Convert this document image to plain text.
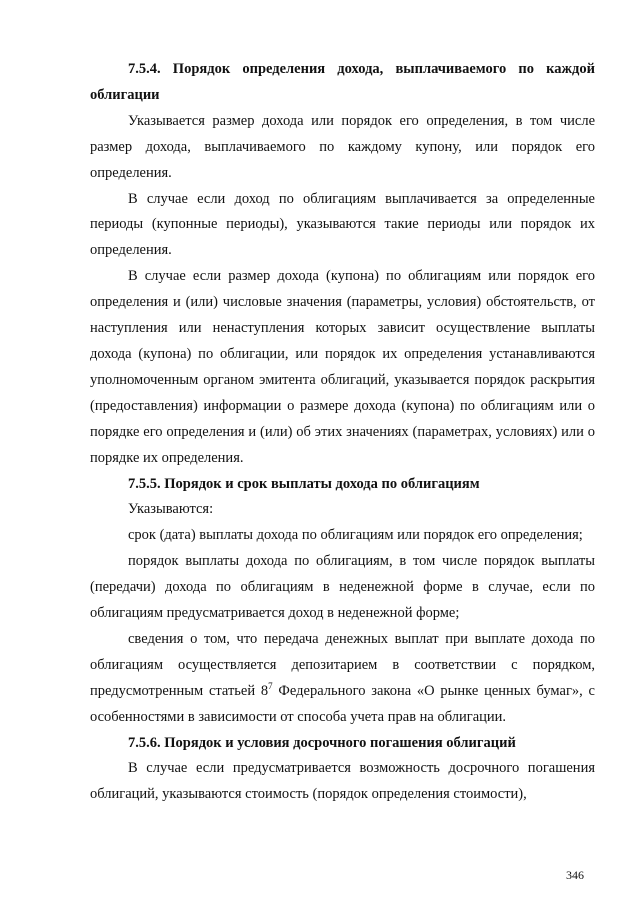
7.5.4. Порядок определения дохода, выплачиваемого по каждой облигации

Указывается размер дохода или порядок его определения, в том числе размер дохода, выплачиваемого по каждому купону, или порядок его определения.

В случае если доход по облигациям выплачивается за определенные периоды (купонные периоды), указываются такие периоды или порядок их определения.

В случае если размер дохода (купона) по облигациям или порядок его определения и (или) числовые значения (параметры, условия) обстоятельств, от наступления или ненаступления которых зависит осуществление выплаты дохода (купона) по облигации, или порядок их определения устанавливаются уполномоченным органом эмитента облигаций, указывается порядок раскрытия (предоставления) информации о размере дохода (купона) по облигациям или о порядке его определения и (или) об этих значениях (параметрах, условиях) или о порядке их определения.

7.5.5. Порядок и срок выплаты дохода по облигациям

Указываются:

срок (дата) выплаты дохода по облигациям или порядок его определения;

порядок выплаты дохода по облигациям, в том числе порядок выплаты (передачи) дохода по облигациям в неденежной форме в случае, если по облигациям предусматривается доход в неденежной форме;

сведения о том, что передача денежных выплат при выплате дохода по облигациям осуществляется депозитарием в соответствии с порядком, предусмотренным статьей $8^7$ Федерального закона «О рынке ценных бумаг», с особенностями в зависимости от способа учета прав на облигации.

7.5.6. Порядок и условия досрочного погашения облигаций

В случае если предусматривается возможность досрочного погашения облигаций, указываются стоимость (порядок определения стоимости),

346
